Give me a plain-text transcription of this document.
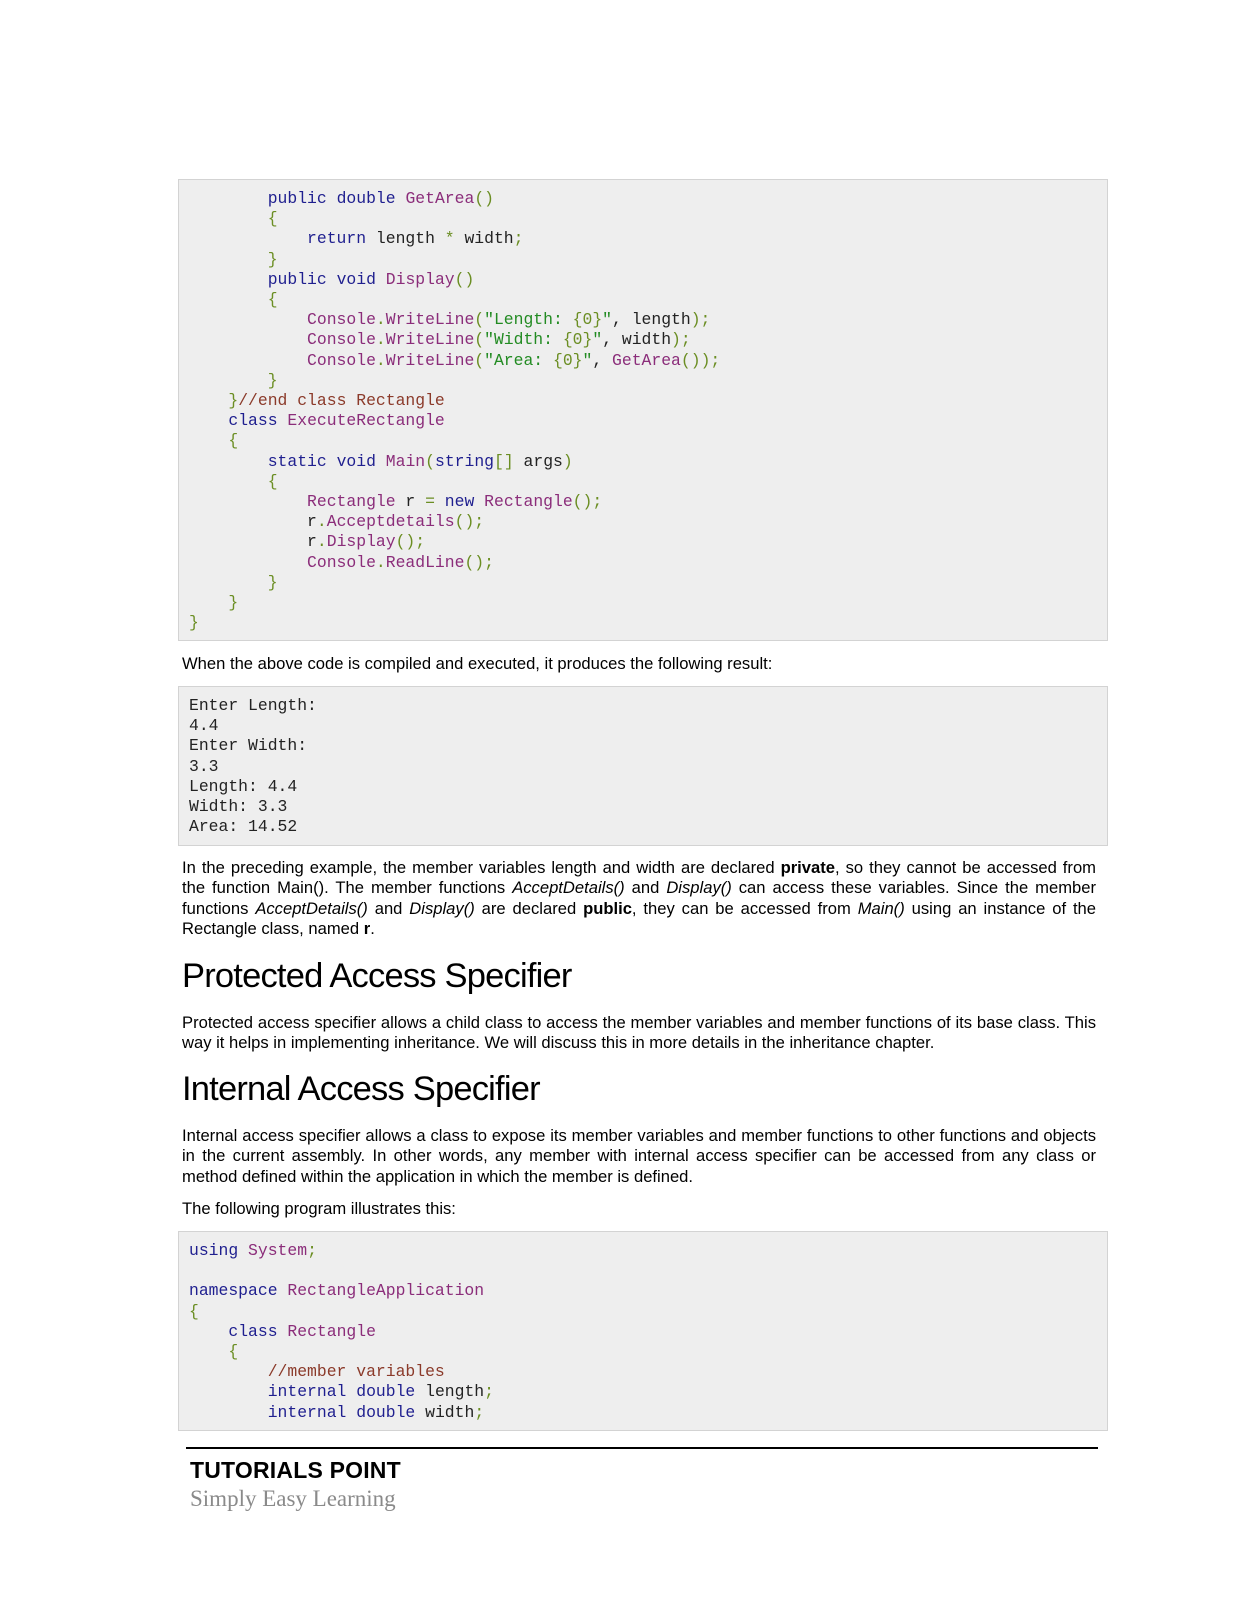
public double GetArea()
{
return length * width;
}
public void Display()
{
Console.WriteLine("Length: {0}", length);
Console.WriteLine("Width: {0}", width);
Console.WriteLine("Area: {0}", GetArea());
}
}//end class Rectangle
class ExecuteRectangle
{
static void Main(string[] args)
{
Rectangle r = new Rectangle();
r.Acceptdetails();
r.Display();
Console.ReadLine();
}
}
}

When the above code is compiled and executed, it produces the following result:

Enter Length:
4.4
Enter Width:
3.3
Length: 4.4
Width: 3.3
Area: 14.52

In the preceding example, the member variables length and width are declared private, so they cannot be accessed from the function Main(). The member functions AcceptDetails() and Display() can access these variables. Since the member functions AcceptDetails() and Display() are declared public, they can be accessed from Main() using an instance of the Rectangle class, named r.

Protected Access Specifier

Protected access specifier allows a child class to access the member variables and member functions of its base class. This way it helps in implementing inheritance. We will discuss this in more details in the inheritance chapter.

Internal Access Specifier

Internal access specifier allows a class to expose its member variables and member functions to other functions and objects in the current assembly. In other words, any member with internal access specifier can be accessed from any class or method defined within the application in which the member is defined.

The following program illustrates this:

using System;

namespace RectangleApplication
{
class Rectangle
{
//member variables
internal double length;
internal double width;
TUTORIALS POINT
Simply Easy Learning
